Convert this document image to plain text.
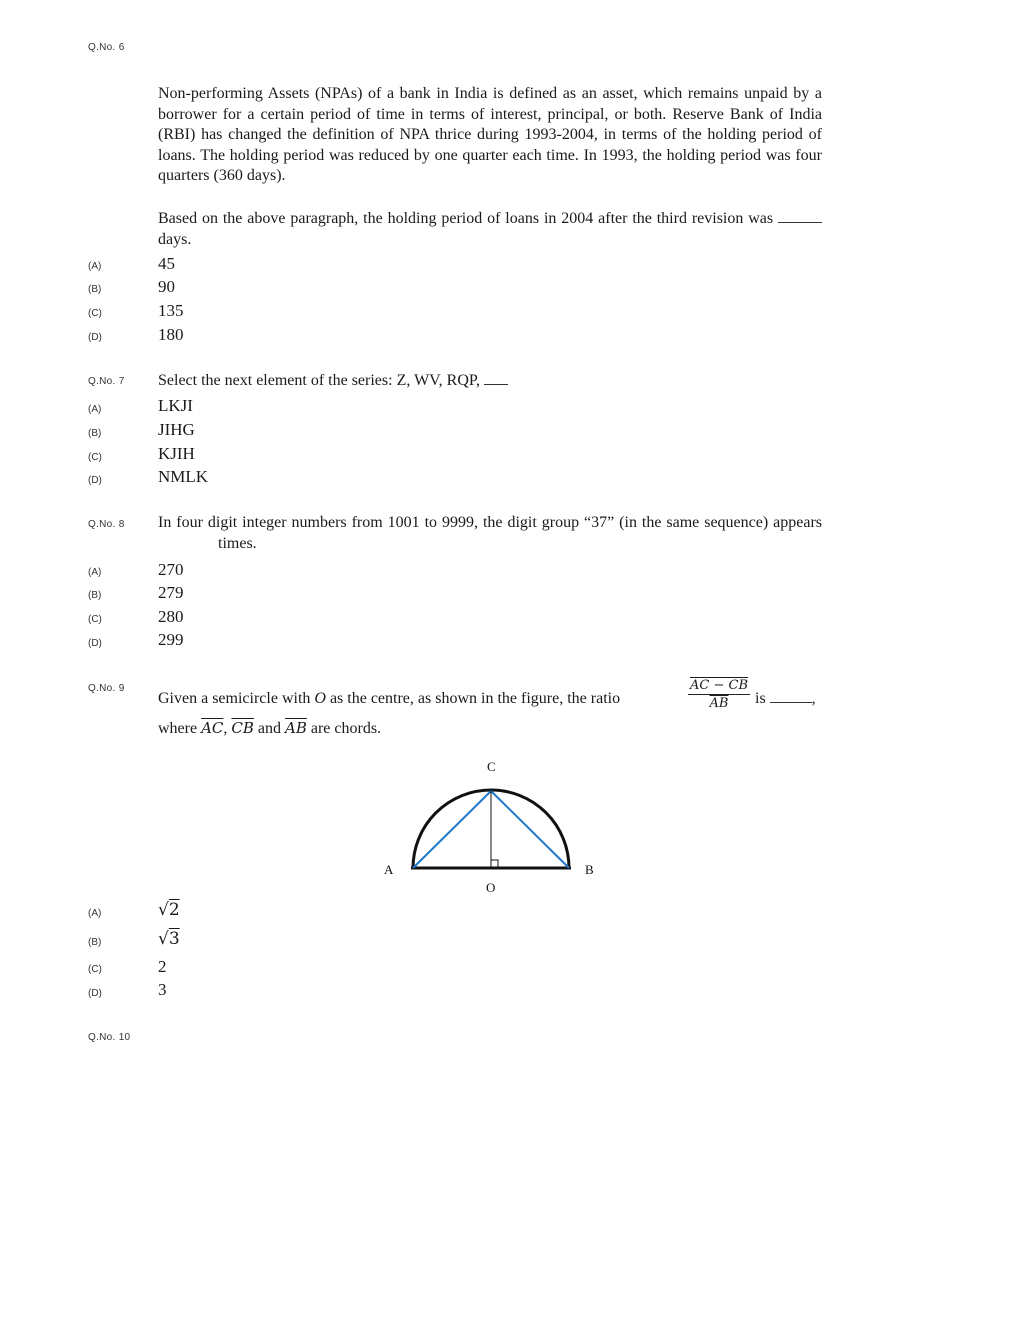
Q.No. 6
Non-performing Assets (NPAs) of a bank in India is defined as an asset, which remains unpaid by a borrower for a certain period of time in terms of interest, principal, or both. Reserve Bank of India (RBI) has changed the definition of NPA thrice during 1993-2004, in terms of the holding period of loans. The holding period was reduced by one quarter each time. In 1993, the holding period was four quarters (360 days).
Based on the above paragraph, the holding period of loans in 2004 after the third revision was  days.
(A)	45
(B)	90
(C)	135
(D)	180
Q.No. 7 Select the next element of the series: Z, WV, RQP,
(A)	LKJI
(B)	JIHG
(C)	KJIH
(D)	NMLK
Q.No. 8 In four digit integer numbers from 1001 to 9999, the digit group “37” (in the same sequence) appearstimes.
(A)	270
(B)	279
(C)	280
(D)	299
Q.No. 9
Given a semicircle with O as the centre, as shown in the figure, the ratio	$\frac{AC - CB}{AB}$ is	,
where $\overline{AC}$, $\overline{CB}$ and $\overline{AB}$ are chords.
C
A	B
O
(A)	√2
(B)	√3
(C)	2
(D)	3
Q.No. 10
